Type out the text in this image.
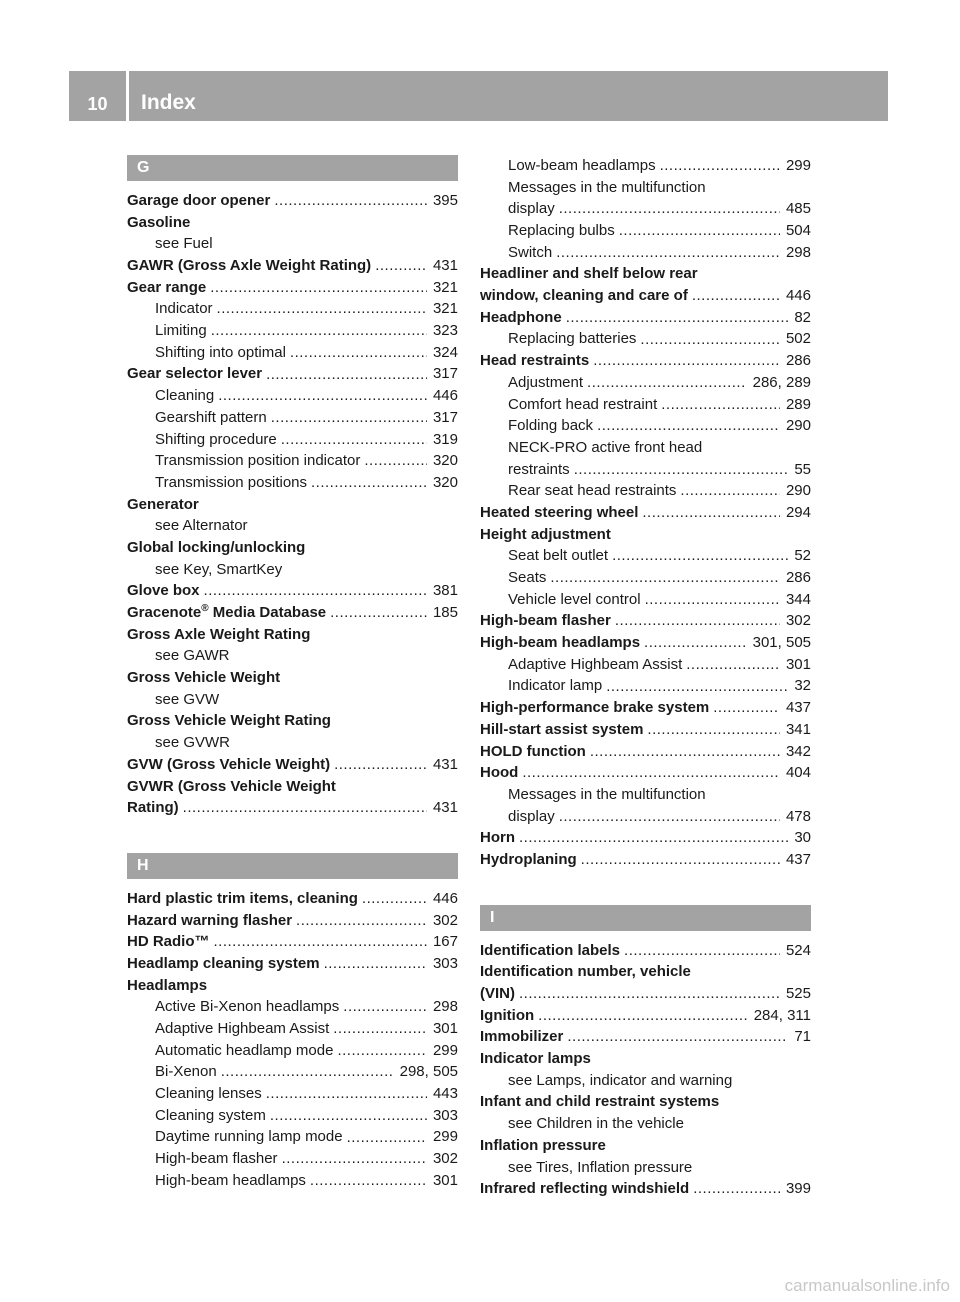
10	Index
G
Garage door opener .....	395
Gasoline
see Fuel
GAWR (Gross Axle Weight Rating) .....	431
Gear range .....	321
Indicator .....	321
Limiting .....	323
Shifting into optimal .....	324
Gear selector lever .....	317
Cleaning .....	446
Gearshift pattern .....	317
Shifting procedure .....	319
Transmission position indicator .....	320
Transmission positions .....	320
Generator
see Alternator
Global locking/unlocking
see Key, SmartKey
Glove box .....	381
Gracenote® Media Database .....	185
Gross Axle Weight Rating
see GAWR
Gross Vehicle Weight
see GVW
Gross Vehicle Weight Rating
see GVWR
GVW (Gross Vehicle Weight) .....	431
GVWR (Gross Vehicle Weight
Rating) .....	431
H
Hard plastic trim items, cleaning .....	446
Hazard warning flasher .....	302
HD Radio™ .....	167
Headlamp cleaning system .....	303
Headlamps
Active Bi-Xenon headlamps .....	298
Adaptive Highbeam Assist .....	301
Automatic headlamp mode .....	299
Bi-Xenon .....	298, 505
Cleaning lenses .....	443
Cleaning system .....	303
Daytime running lamp mode .....	299
High-beam flasher .....	302
High-beam headlamps .....	301
Low-beam headlamps .....	299
Messages in the multifunction
display .....	485
Replacing bulbs .....	504
Switch .....	298
Headliner and shelf below rear
window, cleaning and care of .....	446
Headphone .....	82
Replacing batteries .....	502
Head restraints .....	286
Adjustment .....	286, 289
Comfort head restraint .....	289
Folding back .....	290
NECK-PRO active front head
restraints .....	55
Rear seat head restraints .....	290
Heated steering wheel .....	294
Height adjustment
Seat belt outlet .....	52
Seats .....	286
Vehicle level control .....	344
High-beam flasher .....	302
High-beam headlamps .....	301, 505
Adaptive Highbeam Assist .....	301
Indicator lamp .....	32
High-performance brake system .....	437
Hill-start assist system .....	341
HOLD function .....	342
Hood .....	404
Messages in the multifunction
display .....	478
Horn .....	30
Hydroplaning .....	437
I
Identification labels .....	524
Identification number, vehicle
(VIN) .....	525
Ignition .....	284, 311
Immobilizer .....	71
Indicator lamps
see Lamps, indicator and warning
Infant and child restraint systems
see Children in the vehicle
Inflation pressure
see Tires, Inflation pressure
Infrared reflecting windshield .....	399
carmanualsonline.info
